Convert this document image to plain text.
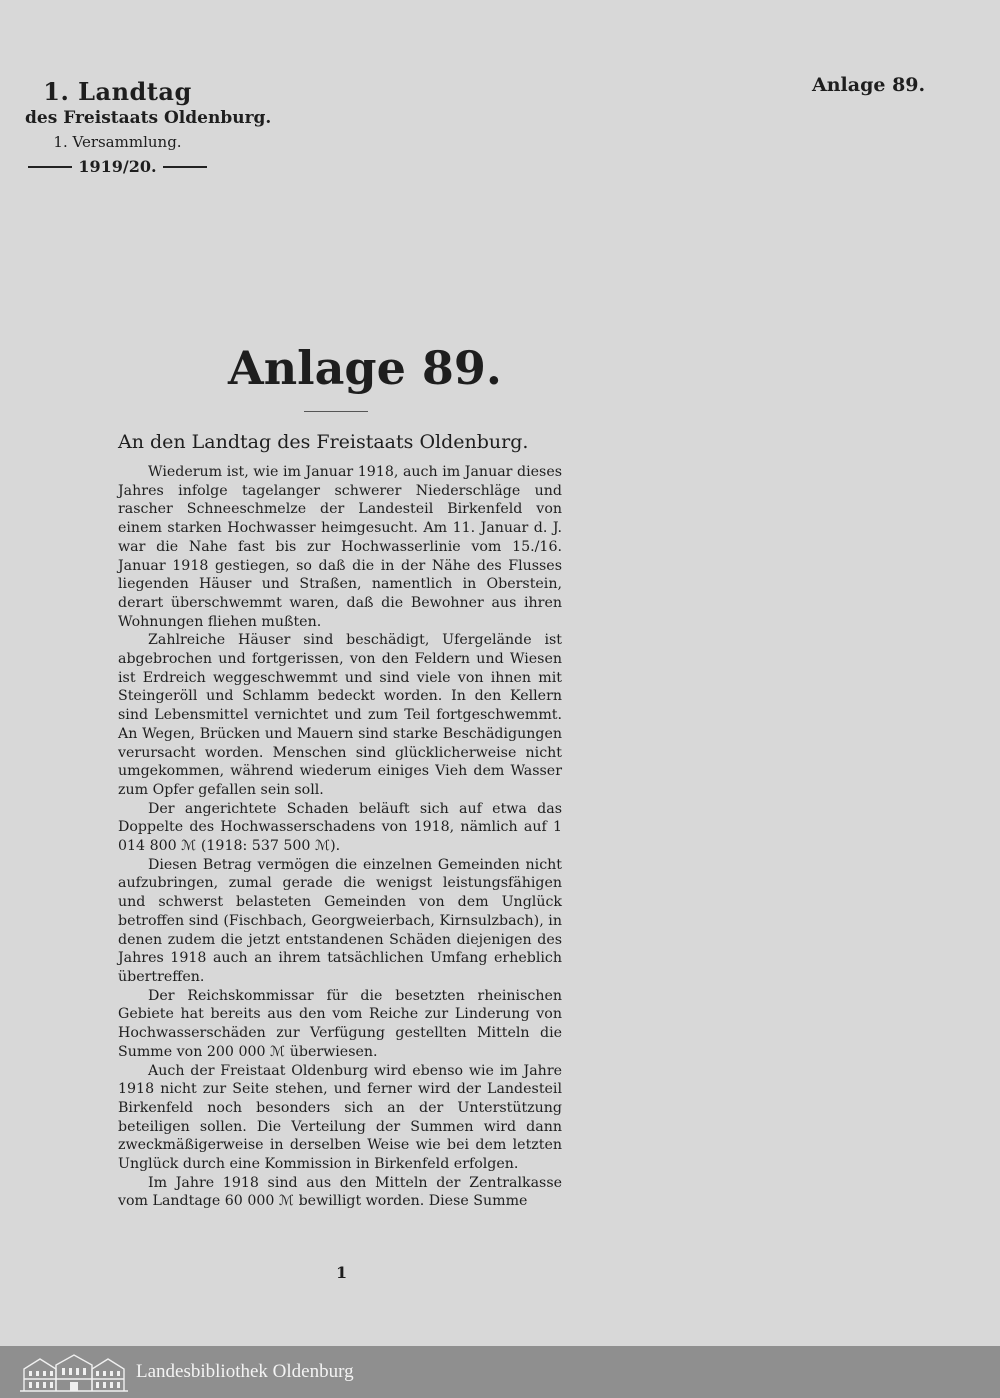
1. Landtag
des Freistaats Oldenburg.
1. Versammlung.
1919/20.
Anlage 89.
Anlage 89.
An den Landtag des Freistaats Oldenburg.

Wiederum ist, wie im Januar 1918, auch im Januar dieses Jahres infolge tagelanger schwerer Niederschläge und rascher Schneeschmelze der Landesteil Birkenfeld von einem starken Hochwasser heimgesucht. Am 11. Januar d. J. war die Nahe fast bis zur Hochwasserlinie vom 15./16. Januar 1918 gestiegen, so daß die in der Nähe des Flusses liegenden Häuser und Straßen, namentlich in Oberstein, derart überschwemmt waren, daß die Bewohner aus ihren Wohnungen fliehen mußten.

Zahlreiche Häuser sind beschädigt, Ufergelände ist abgebrochen und fortgerissen, von den Feldern und Wiesen ist Erdreich weggeschwemmt und sind viele von ihnen mit Steingeröll und Schlamm bedeckt worden. In den Kellern sind Lebensmittel vernichtet und zum Teil fortgeschwemmt. An Wegen, Brücken und Mauern sind starke Beschädigungen verursacht worden. Menschen sind glücklicherweise nicht umgekommen, während wiederum einiges Vieh dem Wasser zum Opfer gefallen sein soll.

Der angerichtete Schaden beläuft sich auf etwa das Doppelte des Hochwasserschadens von 1918, nämlich auf 1 014 800 ℳ (1918: 537 500 ℳ).

Diesen Betrag vermögen die einzelnen Gemeinden nicht aufzubringen, zumal gerade die wenigst leistungsfähigen und schwerst belasteten Gemeinden von dem Unglück betroffen sind (Fischbach, Georgweierbach, Kirnsulzbach), in denen zudem die jetzt entstandenen Schäden diejenigen des Jahres 1918 auch an ihrem tatsächlichen Umfang erheblich übertreffen.

Der Reichskommissar für die besetzten rheinischen Gebiete hat bereits aus den vom Reiche zur Linderung von Hochwasserschäden zur Verfügung gestellten Mitteln die Summe von 200 000 ℳ überwiesen.

Auch der Freistaat Oldenburg wird ebenso wie im Jahre 1918 nicht zur Seite stehen, und ferner wird der Landesteil Birkenfeld noch besonders sich an der Unterstützung beteiligen sollen. Die Verteilung der Summen wird dann zweckmäßigerweise in derselben Weise wie bei dem letzten Unglück durch eine Kommission in Birkenfeld erfolgen.

Im Jahre 1918 sind aus den Mitteln der Zentralkasse vom Landtage 60 000 ℳ bewilligt worden. Diese Summe

1
Landesbibliothek Oldenburg
